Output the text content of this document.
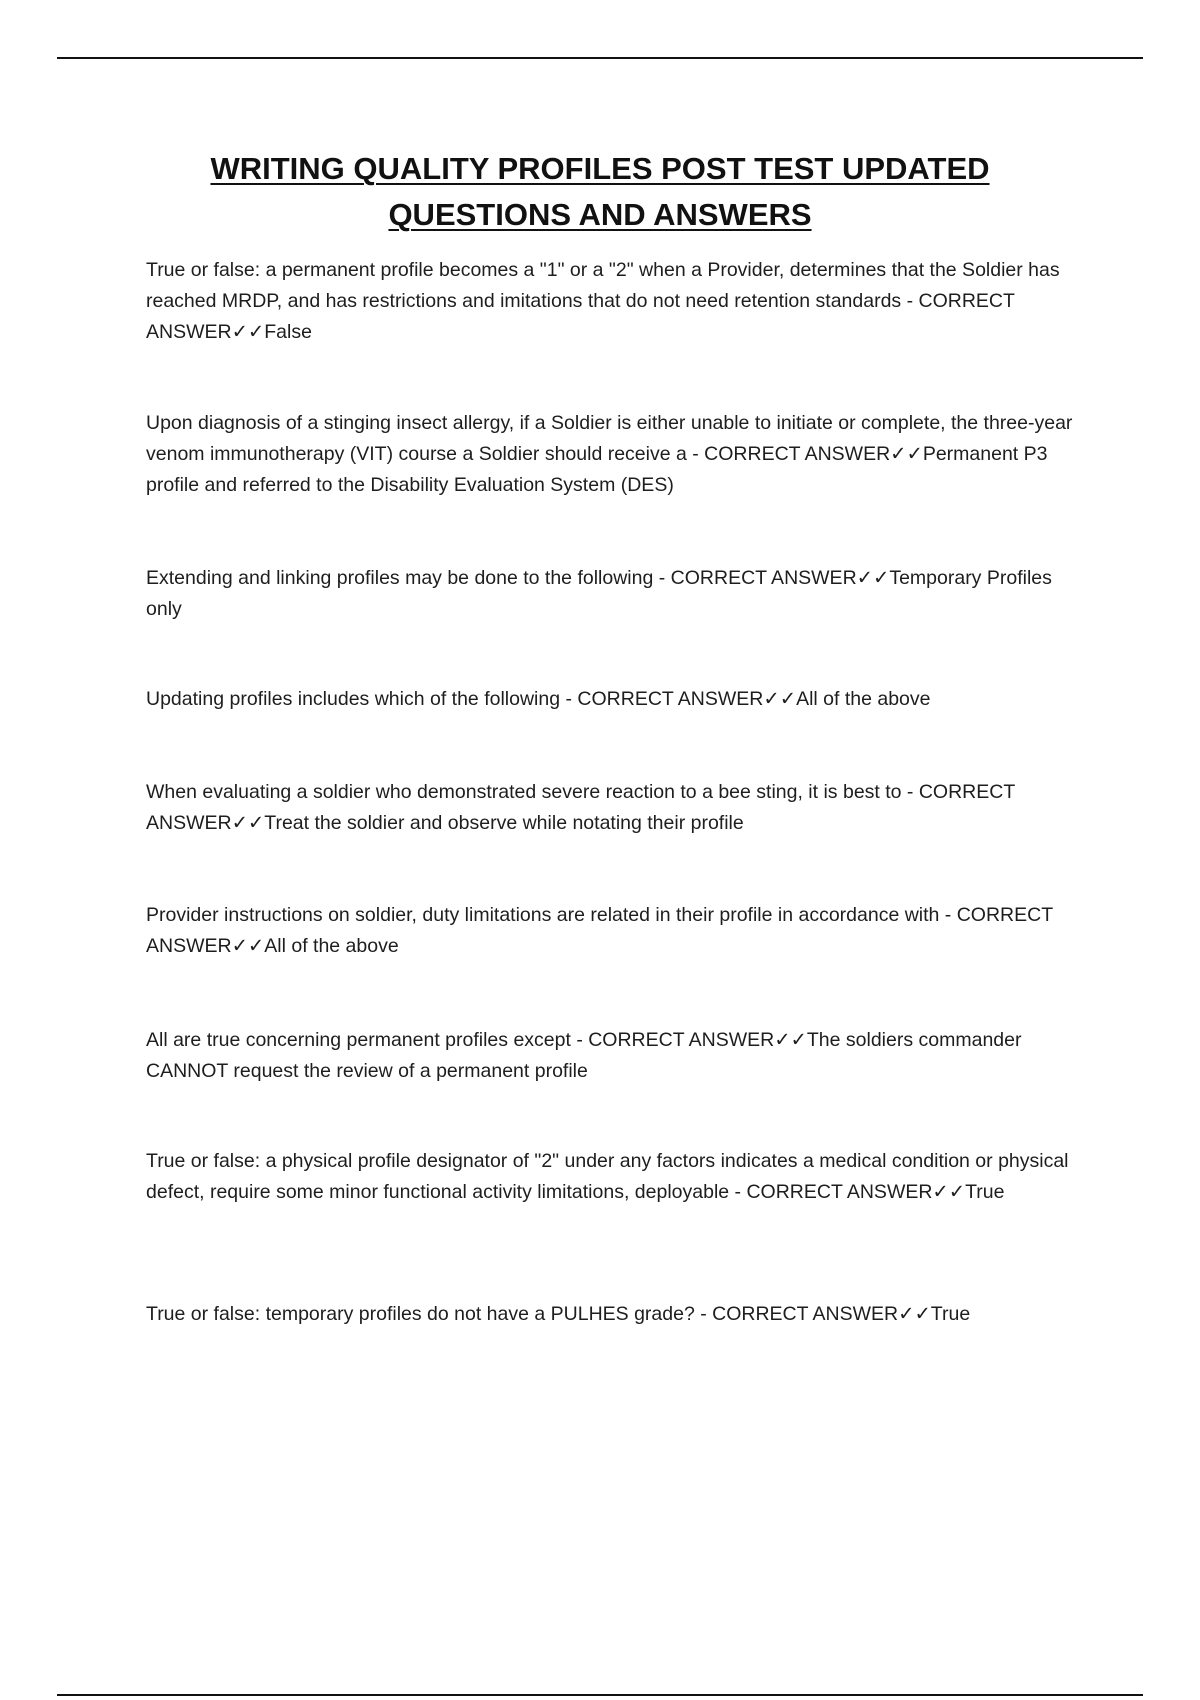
WRITING QUALITY PROFILES POST TEST UPDATED QUESTIONS AND ANSWERS

True or false: a permanent profile becomes a "1" or a "2" when a Provider, determines that the Soldier has reached MRDP, and has restrictions and imitations that do not need retention standards - CORRECT ANSWER✓✓False

Upon diagnosis of a stinging insect allergy, if a Soldier is either unable to initiate or complete, the three-year venom immunotherapy (VIT) course a Soldier should receive a - CORRECT ANSWER✓✓Permanent P3 profile and referred to the Disability Evaluation System (DES)

Extending and linking profiles may be done to the following - CORRECT ANSWER✓✓Temporary Profiles only

Updating profiles includes which of the following - CORRECT ANSWER✓✓All of the above

When evaluating a soldier who demonstrated severe reaction to a bee sting, it is best to - CORRECT ANSWER✓✓Treat the soldier and observe while notating their profile

Provider instructions on soldier, duty limitations are related in their profile in accordance with - CORRECT ANSWER✓✓All of the above

All are true concerning permanent profiles except - CORRECT ANSWER✓✓The soldiers commander CANNOT request the review of a permanent profile

True or false: a physical profile designator of "2" under any factors indicates a medical condition or physical defect, require some minor functional activity limitations, deployable - CORRECT ANSWER✓✓True

True or false: temporary profiles do not have a PULHES grade? - CORRECT ANSWER✓✓True
